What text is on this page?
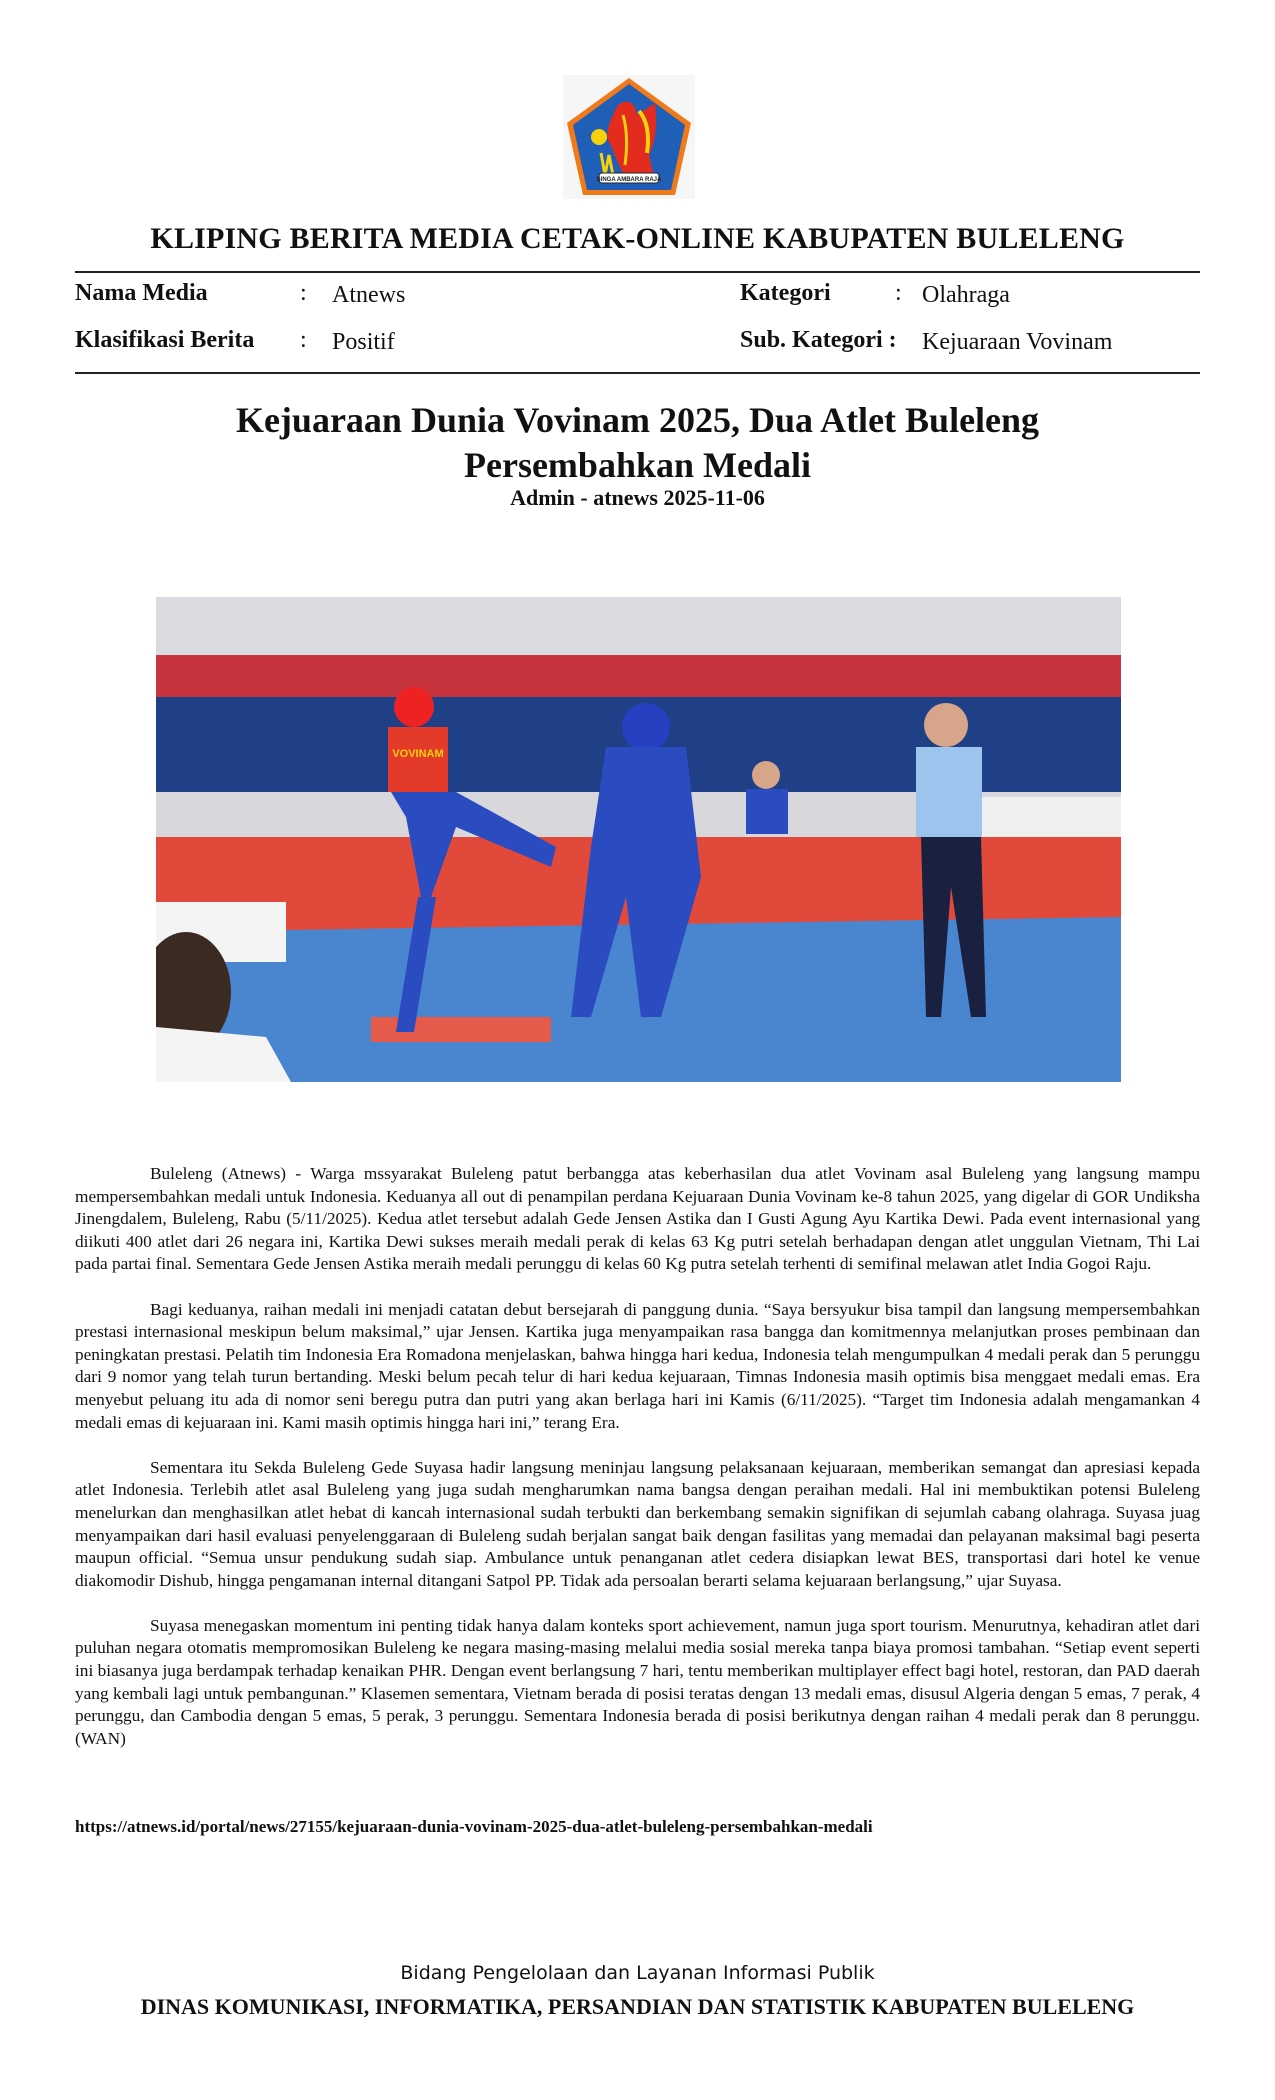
SINGA AMBARA RAJA
KLIPING BERITA MEDIA CETAK-ONLINE KABUPATEN BULELENG
Nama Media	: Atnews
Klasifikasi Berita : Positif
Kategori	: Olahraga
Sub. Kategori : Kejuaraan Vovinam
Kejuaraan Dunia Vovinam 2025, Dua Atlet Buleleng Persembahkan Medali
Admin - atnews 2025-11-06
VOVINAM

Buleleng (Atnews) - Warga mssyarakat Buleleng patut berbangga atas keberhasilan dua atlet Vovinam asal Buleleng yang langsung mampu mempersembahkan medali untuk Indonesia. Keduanya all out di penampilan perdana Kejuaraan Dunia Vovinam ke-8 tahun 2025, yang digelar di GOR Undiksha Jinengdalem, Buleleng, Rabu (5/11/2025). Kedua atlet tersebut adalah Gede Jensen Astika dan I Gusti Agung Ayu Kartika Dewi. Pada event internasional yang diikuti 400 atlet dari 26 negara ini, Kartika Dewi sukses meraih medali perak di kelas 63 Kg putri setelah berhadapan dengan atlet unggulan Vietnam, Thi Lai pada partai final. Sementara Gede Jensen Astika meraih medali perunggu di kelas 60 Kg putra setelah terhenti di semifinal melawan atlet India Gogoi Raju.

Bagi keduanya, raihan medali ini menjadi catatan debut bersejarah di panggung dunia. “Saya bersyukur bisa tampil dan langsung mempersembahkan prestasi internasional meskipun belum maksimal,” ujar Jensen. Kartika juga menyampaikan rasa bangga dan komitmennya melanjutkan proses pembinaan dan peningkatan prestasi. Pelatih tim Indonesia Era Romadona menjelaskan, bahwa hingga hari kedua, Indonesia telah mengumpulkan 4 medali perak dan 5 perunggu dari 9 nomor yang telah turun bertanding. Meski belum pecah telur di hari kedua kejuaraan, Timnas Indonesia masih optimis bisa menggaet medali emas. Era menyebut peluang itu ada di nomor seni beregu putra dan putri yang akan berlaga hari ini Kamis (6/11/2025). “Target tim Indonesia adalah mengamankan 4 medali emas di kejuaraan ini. Kami masih optimis hingga hari ini,” terang Era.

Sementara itu Sekda Buleleng Gede Suyasa hadir langsung meninjau langsung pelaksanaan kejuaraan, memberikan semangat dan apresiasi kepada atlet Indonesia. Terlebih atlet asal Buleleng yang juga sudah mengharumkan nama bangsa dengan peraihan medali. Hal ini membuktikan potensi Buleleng menelurkan dan menghasilkan atlet hebat di kancah internasional sudah terbukti dan berkembang semakin signifikan di sejumlah cabang olahraga. Suyasa juag menyampaikan dari hasil evaluasi penyelenggaraan di Buleleng sudah berjalan sangat baik dengan fasilitas yang memadai dan pelayanan maksimal bagi peserta maupun official. “Semua unsur pendukung sudah siap. Ambulance untuk penanganan atlet cedera disiapkan lewat BES, transportasi dari hotel ke venue diakomodir Dishub, hingga pengamanan internal ditangani Satpol PP. Tidak ada persoalan berarti selama kejuaraan berlangsung,” ujar Suyasa.

Suyasa menegaskan momentum ini penting tidak hanya dalam konteks sport achievement, namun juga sport tourism. Menurutnya, kehadiran atlet dari puluhan negara otomatis mempromosikan Buleleng ke negara masing-masing melalui media sosial mereka tanpa biaya promosi tambahan. “Setiap event seperti ini biasanya juga berdampak terhadap kenaikan PHR. Dengan event berlangsung 7 hari, tentu memberikan multiplayer effect bagi hotel, restoran, dan PAD daerah yang kembali lagi untuk pembangunan.” Klasemen sementara, Vietnam berada di posisi teratas dengan 13 medali emas, disusul Algeria dengan 5 emas, 7 perak, 4 perunggu, dan Cambodia dengan 5 emas, 5 perak, 3 perunggu. Sementara Indonesia berada di posisi berikutnya dengan raihan 4 medali perak dan 8 perunggu. (WAN)

https://atnews.id/portal/news/27155/kejuaraan-dunia-vovinam-2025-dua-atlet-buleleng-persembahkan-medali
Bidang Pengelolaan dan Layanan Informasi Publik
DINAS KOMUNIKASI, INFORMATIKA, PERSANDIAN DAN STATISTIK KABUPATEN BULELENG
